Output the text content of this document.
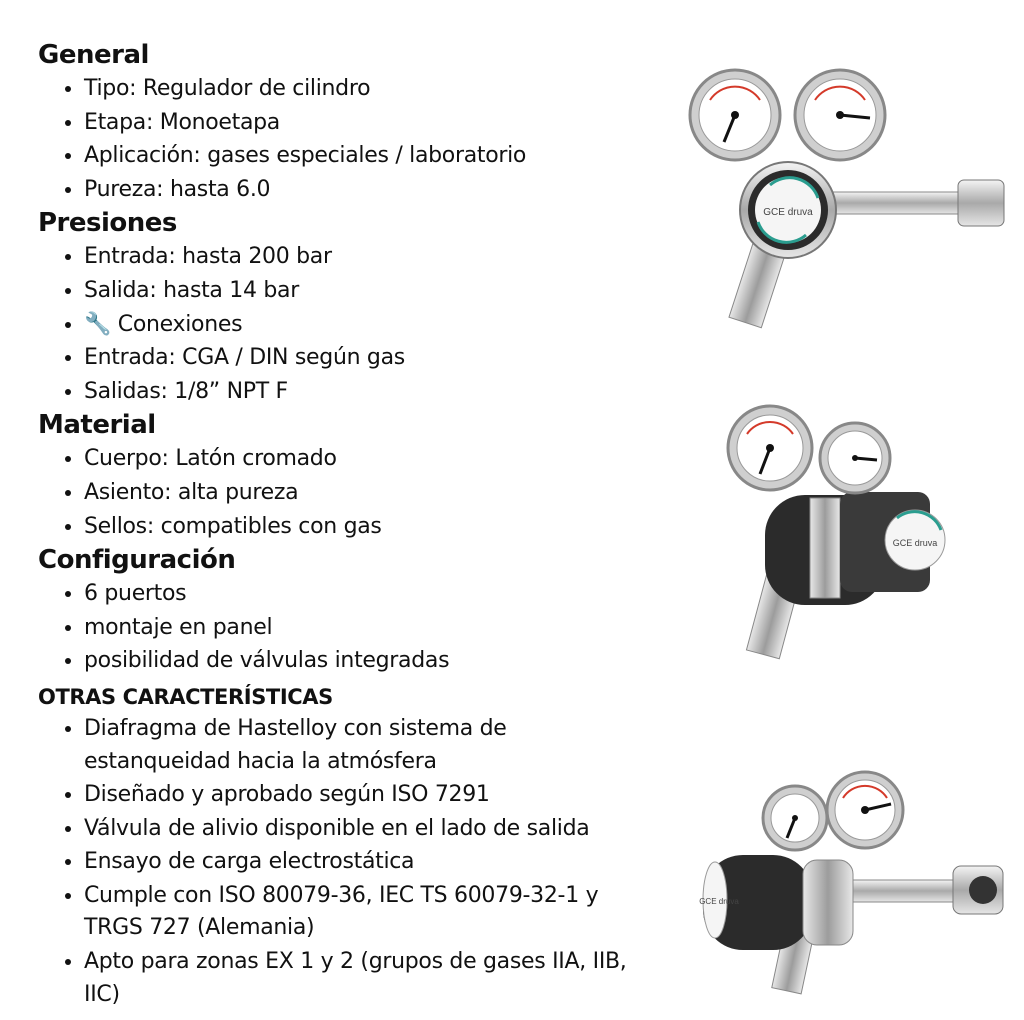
General
• Tipo: Regulador de cilindro
• Etapa: Monoetapa
• Aplicación: gases especiales / laboratorio
• Pureza: hasta 6.0
Presiones
• Entrada: hasta 200 bar
• Salida: hasta 14 bar
• 🔧 Conexiones
• Entrada: CGA / DIN según gas
• Salidas: 1/8” NPT F
Material
• Cuerpo: Latón cromado
• Asiento: alta pureza
• Sellos: compatibles con gas
Configuración
• 6 puertos
• montaje en panel
• posibilidad de válvulas integradas
OTRAS CARACTERÍSTICAS
• Diafragma de Hastelloy con sistema de estanqueidad hacia la atmósfera
• Diseñado y aprobado según ISO 7291
• Válvula de alivio disponible en el lado de salida
• Ensayo de carga electrostática
• Cumple con ISO 80079-36, IEC TS 60079-32-1 y TRGS 727 (Alemania)
• Apto para zonas EX 1 y 2 (grupos de gases IIA, IIB, IIC)
GCE druva
GCE druva
GCE druva
